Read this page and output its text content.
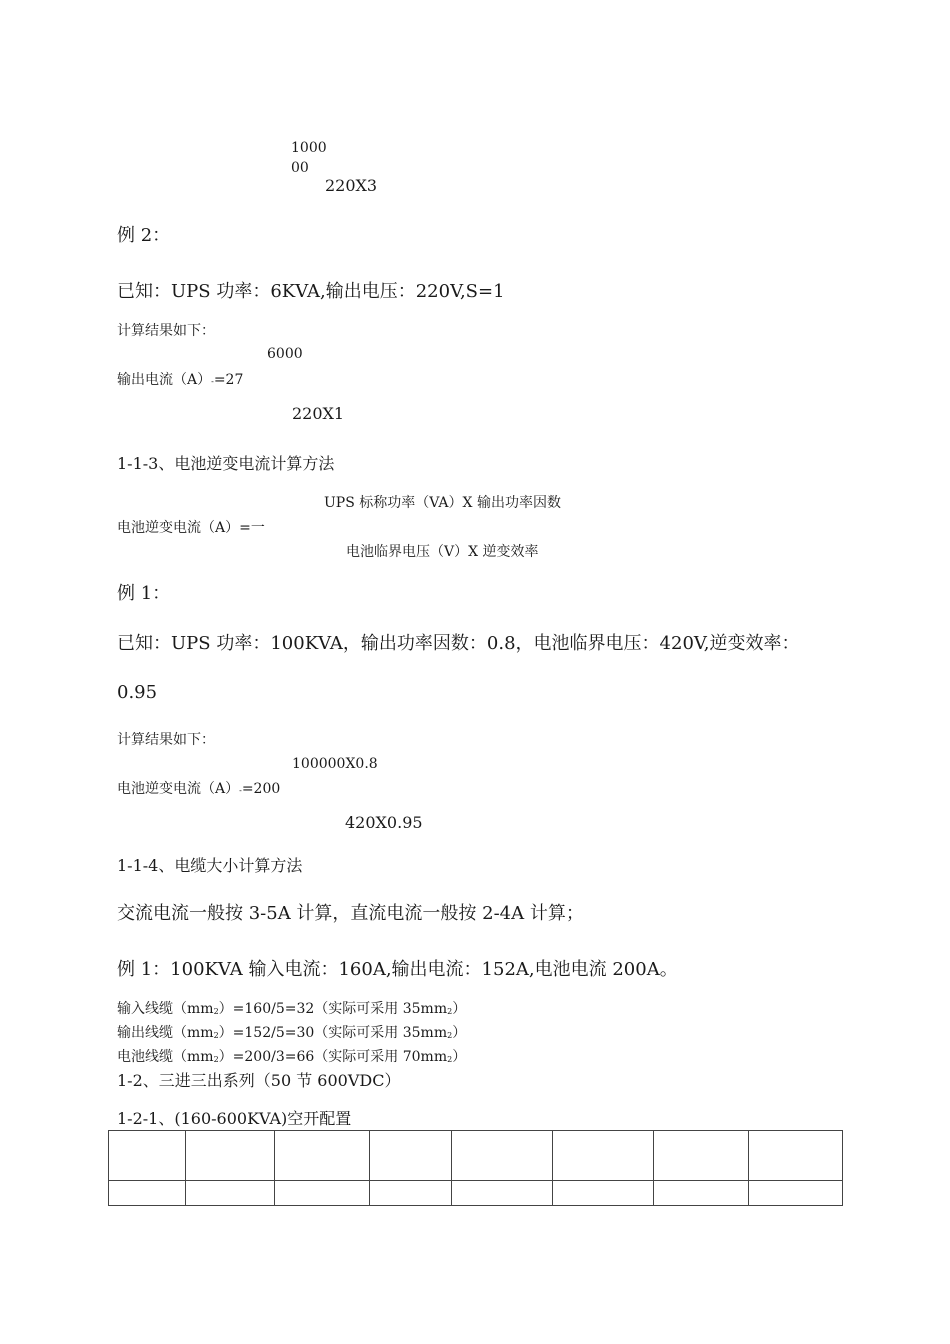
1000
00
220X3
例 2：
已知：UPS 功率：6KVA,输出电压：220V,S=1
计算结果如下：
6000
输出电流（A）-=27
220X1
1-1-3、电池逆变电流计算方法
UPS 标称功率（VA）X 输出功率因数
电池逆变电流（A）=一
电池临界电压（V）X 逆变效率
例 1：
已知：UPS 功率：100KVA，输出功率因数：0.8，电池临界电压：420V,逆变效率：
0.95
计算结果如下：
100000X0.8
电池逆变电流（A）-=200
420X0.95
1-1-4、电缆大小计算方法
交流电流一般按 3-5A 计算，直流电流一般按 2-4A 计算；
例 1：100KVA 输入电流：160A,输出电流：152A,电池电流 200A。
输入线缆（mm2）=160/5=32（实际可采用 35mm2）
输出线缆（mm2）=152/5=30（实际可采用 35mm2）
电池线缆（mm2）=200/3=66（实际可采用 70mm2）
1-2、三进三出系列（50 节 600VDC）
1-2-1、(160-600KVA)空开配置
